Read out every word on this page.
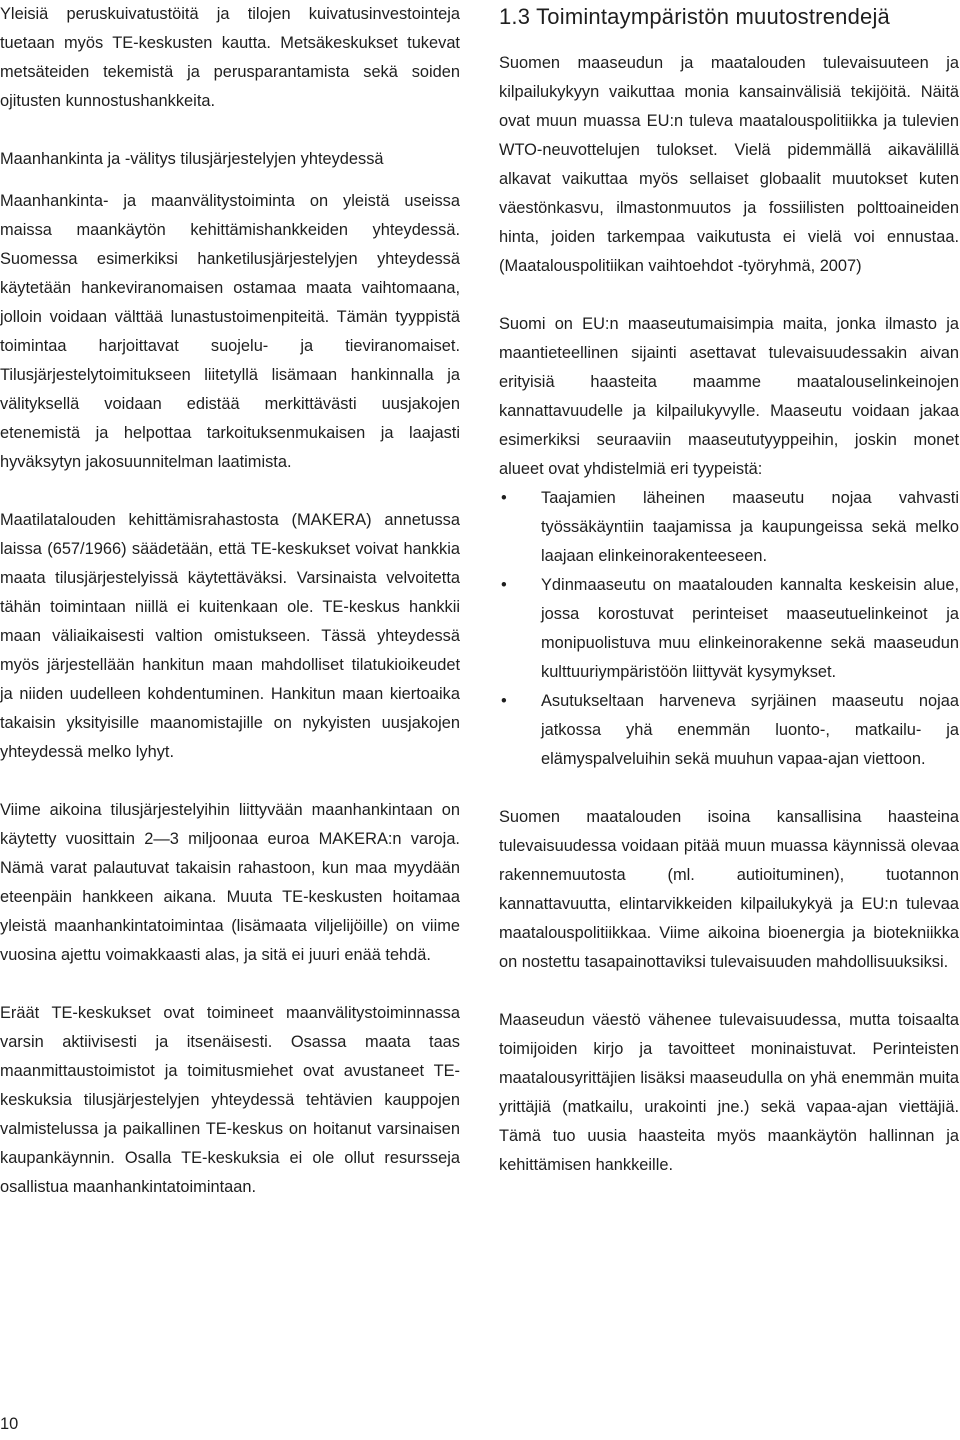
Yleisiä peruskuivatustöitä ja tilojen kuivatusinvestointeja tuetaan myös TE-keskusten kautta. Metsäkeskukset tukevat metsäteiden tekemistä ja perusparantamista sekä soiden ojitusten kunnostushankkeita.

Maanhankinta ja -välitys tilusjärjestelyjen yhteydessä

Maanhankinta- ja maanvälitystoiminta on yleistä useissa maissa maankäytön kehittämishankkeiden yhteydessä. Suomessa esimerkiksi hanketilusjärjestelyjen yhteydessä käytetään hankeviranomaisen ostamaa maata vaihtomaana, jolloin voidaan välttää lunastustoimenpiteitä. Tämän tyyppistä toimintaa harjoittavat suojelu- ja tieviranomaiset. Tilusjärjestelytoimitukseen liitetyllä lisämaan hankinnalla ja välityksellä voidaan edistää merkittävästi uusjakojen etenemistä ja helpottaa tarkoituksenmukaisen ja laajasti hyväksytyn jakosuunnitelman laatimista.

Maatilatalouden kehittämisrahastosta (MAKERA) annetussa laissa (657/1966) säädetään, että TE-keskukset voivat hankkia maata tilusjärjestelyissä käytettäväksi. Varsinaista velvoitetta tähän toimintaan niillä ei kuitenkaan ole. TE-keskus hankkii maan väliaikaisesti valtion omistukseen. Tässä yhteydessä myös järjestellään hankitun maan mahdolliset tilatukioikeudet ja niiden uudelleen kohdentuminen. Hankitun maan kiertoaika takaisin yksityisille maanomistajille on nykyisten uusjakojen yhteydessä melko lyhyt.

Viime aikoina tilusjärjestelyihin liittyvään maanhankintaan on käytetty vuosittain 2—3 miljoonaa euroa MAKERA:n varoja. Nämä varat palautuvat takaisin rahastoon, kun maa myydään eteenpäin hankkeen aikana. Muuta TE-keskusten hoitamaa yleistä maanhankintatoimintaa (lisämaata viljelijöille) on viime vuosina ajettu voimakkaasti alas, ja sitä ei juuri enää tehdä.

Eräät TE-keskukset ovat toimineet maanvälitystoiminnassa varsin aktiivisesti ja itsenäisesti. Osassa maata taas maanmittaustoimistot ja toimitusmiehet ovat avustaneet TE-keskuksia tilusjärjestelyjen yhteydessä tehtävien kauppojen valmistelussa ja paikallinen TE-keskus on hoitanut varsinaisen kaupankäynnin. Osalla TE-keskuksia ei ole ollut resursseja osallistua maanhankintatoimintaan.

1.3 Toimintaympäristön muutostrendejä

Suomen maaseudun ja maatalouden tulevaisuuteen ja kilpailukykyyn vaikuttaa monia kansainvälisiä tekijöitä. Näitä ovat muun muassa EU:n tuleva maatalouspolitiikka ja tulevien WTO-neuvottelujen tulokset. Vielä pidemmällä aikavälillä alkavat vaikuttaa myös sellaiset globaalit muutokset kuten väestönkasvu, ilmastonmuutos ja fossiilisten polttoaineiden hinta, joiden tarkempaa vaikutusta ei vielä voi ennustaa. (Maatalouspolitiikan vaihtoehdot -työryhmä, 2007)

Suomi on EU:n maaseutumaisimpia maita, jonka ilmasto ja maantieteellinen sijainti asettavat tulevaisuudessakin aivan erityisiä haasteita maamme maatalouselinkeinojen kannattavuudelle ja kilpailukyvylle. Maaseutu voidaan jakaa esimerkiksi seuraaviin maaseututyyppeihin, joskin monet alueet ovat yhdistelmiä eri tyypeistä:

• Taajamien läheinen maaseutu nojaa vahvasti työssäkäyntiin taajamissa ja kaupungeissa sekä melko laajaan elinkeinorakenteeseen.
• Ydinmaaseutu on maatalouden kannalta keskeisin alue, jossa korostuvat perinteiset maaseutuelinkeinot ja monipuolistuva muu elinkeinorakenne sekä maaseudun kulttuuriympäristöön liittyvät kysymykset.
• Asutukseltaan harveneva syrjäinen maaseutu nojaa jatkossa yhä enemmän luonto-, matkailu- ja elämyspalveluihin sekä muuhun vapaa-ajan viettoon.

Suomen maatalouden isoina kansallisina haasteina tulevaisuudessa voidaan pitää muun muassa käynnissä olevaa rakennemuutosta (ml. autioituminen), tuotannon kannattavuutta, elintarvikkeiden kilpailukykyä ja EU:n tulevaa maatalouspolitiikkaa. Viime aikoina bioenergia ja biotekniikka on nostettu tasapainottaviksi tulevaisuuden mahdollisuuksiksi.

Maaseudun väestö vähenee tulevaisuudessa, mutta toisaalta toimijoiden kirjo ja tavoitteet moninaistuvat. Perinteisten maatalousyrittäjien lisäksi maaseudulla on yhä enemmän muita yrittäjiä (matkailu, urakointi jne.) sekä vapaa-ajan viettäjiä. Tämä tuo uusia haasteita myös maankäytön hallinnan ja kehittämisen hankkeille.

10
